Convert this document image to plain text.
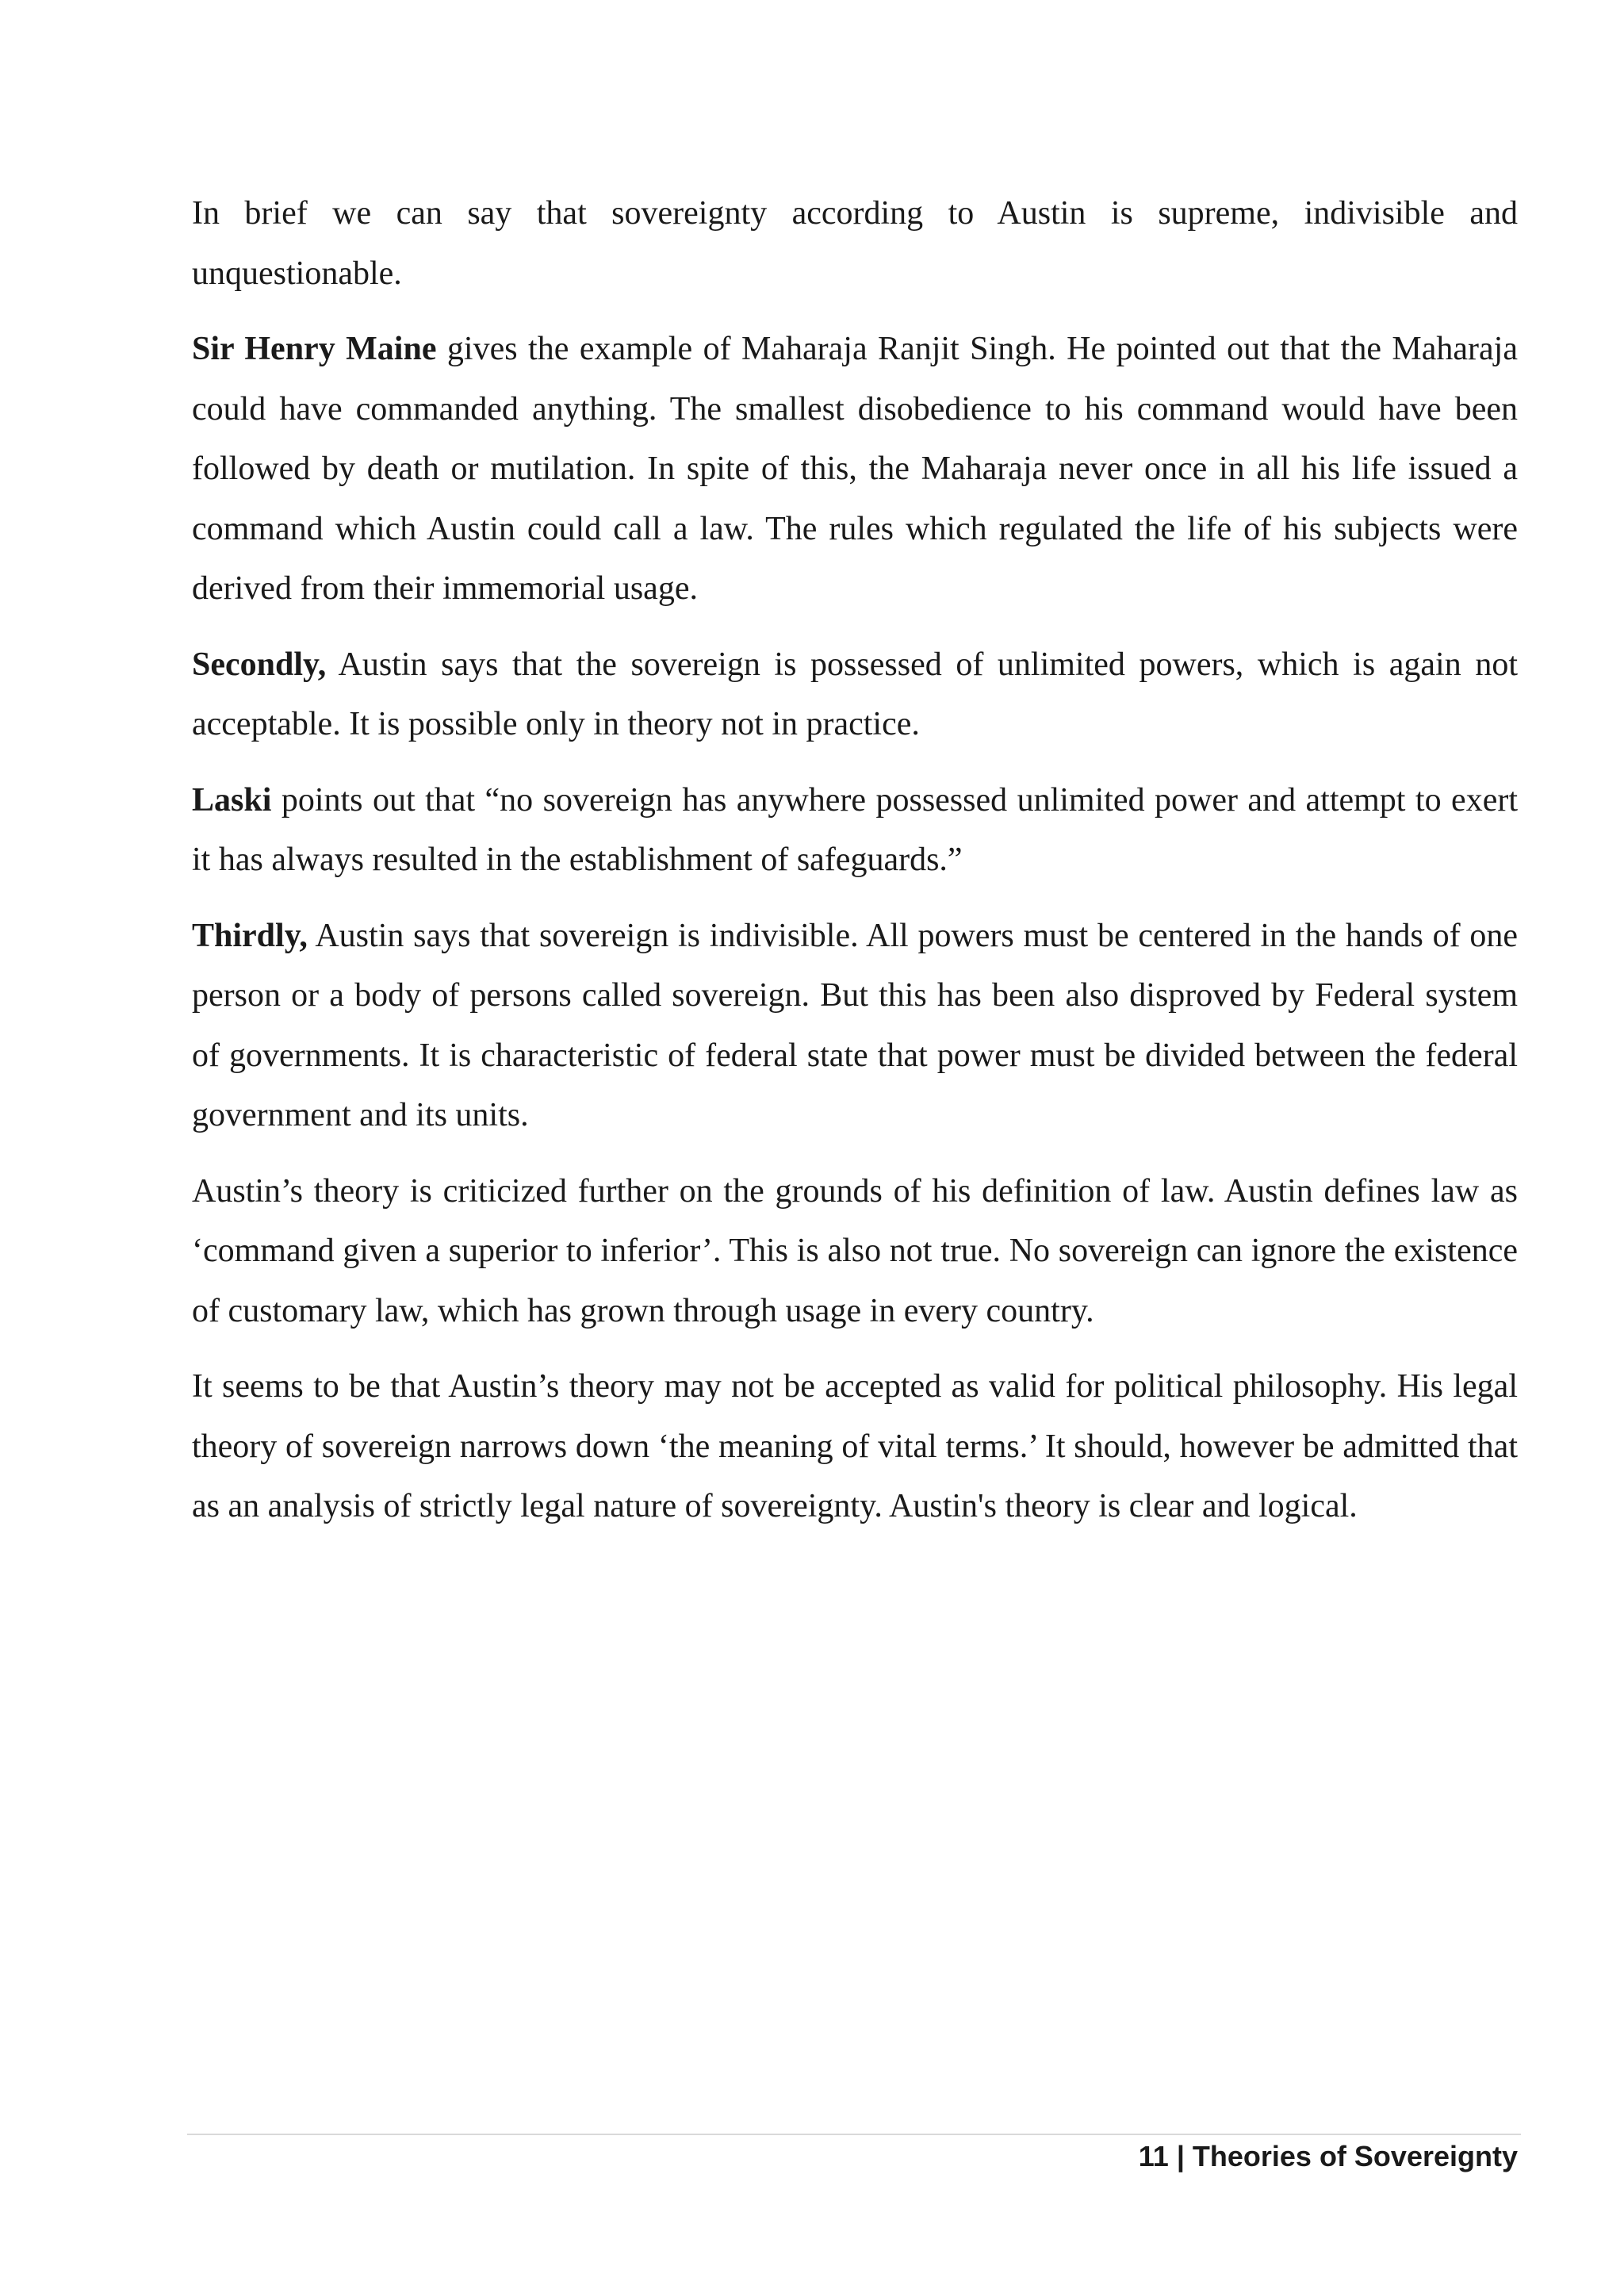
In brief we can say that sovereignty according to Austin is supreme, indivisible and unquestionable.

Sir Henry Maine gives the example of Maharaja Ranjit Singh. He pointed out that the Maharaja could have commanded anything. The smallest disobedience to his command would have been followed by death or mutilation. In spite of this, the Maharaja never once in all his life issued a command which Austin could call a law. The rules which regulated the life of his subjects were derived from their immemorial usage.

Secondly, Austin says that the sovereign is possessed of unlimited powers, which is again not acceptable. It is possible only in theory not in practice.

Laski points out that “no sovereign has anywhere possessed unlimited power and attempt to exert it has always resulted in the establishment of safeguards.”

Thirdly, Austin says that sovereign is indivisible. All powers must be centered in the hands of one person or a body of persons called sovereign. But this has been also disproved by Federal system of governments. It is characteristic of federal state that power must be divided between the federal government and its units.

Austin’s theory is criticized further on the grounds of his definition of law. Austin defines law as ‘command given a superior to inferior’. This is also not true. No sovereign can ignore the existence of customary law, which has grown through usage in every country.

It seems to be that Austin’s theory may not be accepted as valid for political philosophy. His legal theory of sovereign narrows down ‘the meaning of vital terms.’ It should, however be admitted that as an analysis of strictly legal nature of sovereignty. Austin's theory is clear and logical.

11 | Theories of Sovereignty
